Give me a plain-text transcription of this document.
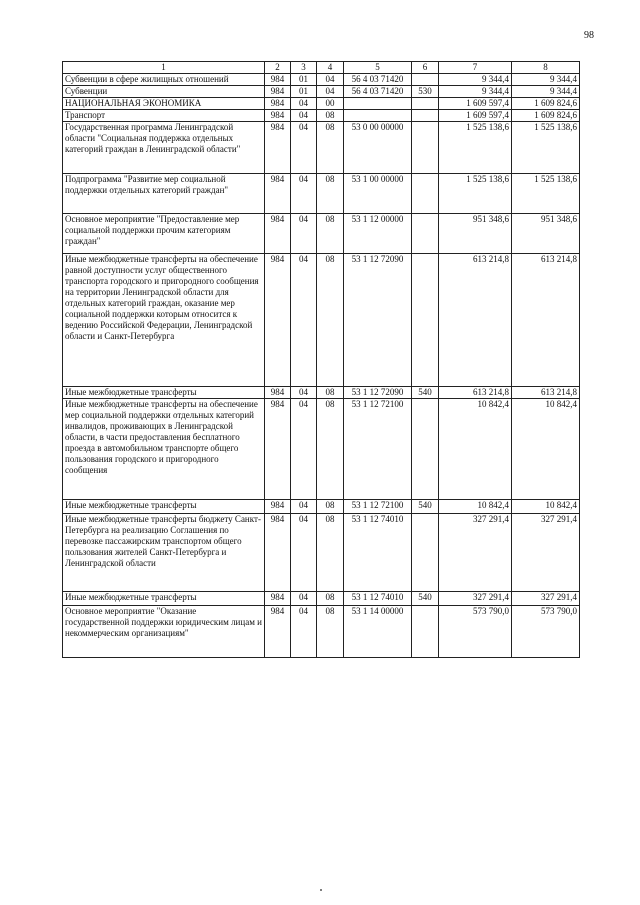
98
1	2	3	4	5	6	7	8
Субвенции в сфере жилищных отношений	984	01	04	56 4 03 71420		9 344,4	9 344,4
Субвенции	984	01	04	56 4 03 71420	530	9 344,4	9 344,4
НАЦИОНАЛЬНАЯ ЭКОНОМИКА	984	04	00			1 609 597,4	1 609 824,6
Транспорт	984	04	08			1 609 597,4	1 609 824,6
Государственная программа Ленинградской области "Социальная поддержка отдельных категорий граждан в Ленинградской области"	984	04	08	53 0 00 00000		1 525 138,6	1 525 138,6
Подпрограмма "Развитие мер социальной поддержки отдельных категорий граждан"	984	04	08	53 1 00 00000		1 525 138,6	1 525 138,6
Основное мероприятие "Предоставление мер социальной поддержки прочим категориям граждан"	984	04	08	53 1 12 00000		951 348,6	951 348,6
Иные межбюджетные трансферты на обеспечение равной доступности услуг общественного транспорта городского и пригородного сообщения на территории Ленинградской области для отдельных категорий граждан, оказание мер социальной поддержки которым относится к ведению Российской Федерации, Ленинградской области и Санкт-Петербурга	984	04	08	53 1 12 72090		613 214,8	613 214,8
Иные межбюджетные трансферты	984	04	08	53 1 12 72090	540	613 214,8	613 214,8
Иные межбюджетные трансферты на обеспечение мер социальной поддержки отдельных категорий инвалидов, проживающих в Ленинградской области, в части предоставления бесплатного проезда в автомобильном транспорте общего пользования городского и пригородного сообщения	984	04	08	53 1 12 72100		10 842,4	10 842,4
Иные межбюджетные трансферты	984	04	08	53 1 12 72100	540	10 842,4	10 842,4
Иные межбюджетные трансферты бюджету Санкт-Петербурга на реализацию Соглашения по перевозке пассажирским транспортом общего пользования жителей Санкт-Петербурга и Ленинградской области	984	04	08	53 1 12 74010		327 291,4	327 291,4
Иные межбюджетные трансферты	984	04	08	53 1 12 74010	540	327 291,4	327 291,4
Основное мероприятие "Оказание государственной поддержки юридическим лицам и некоммерческим организациям"	984	04	08	53 1 14 00000		573 790,0	573 790,0
